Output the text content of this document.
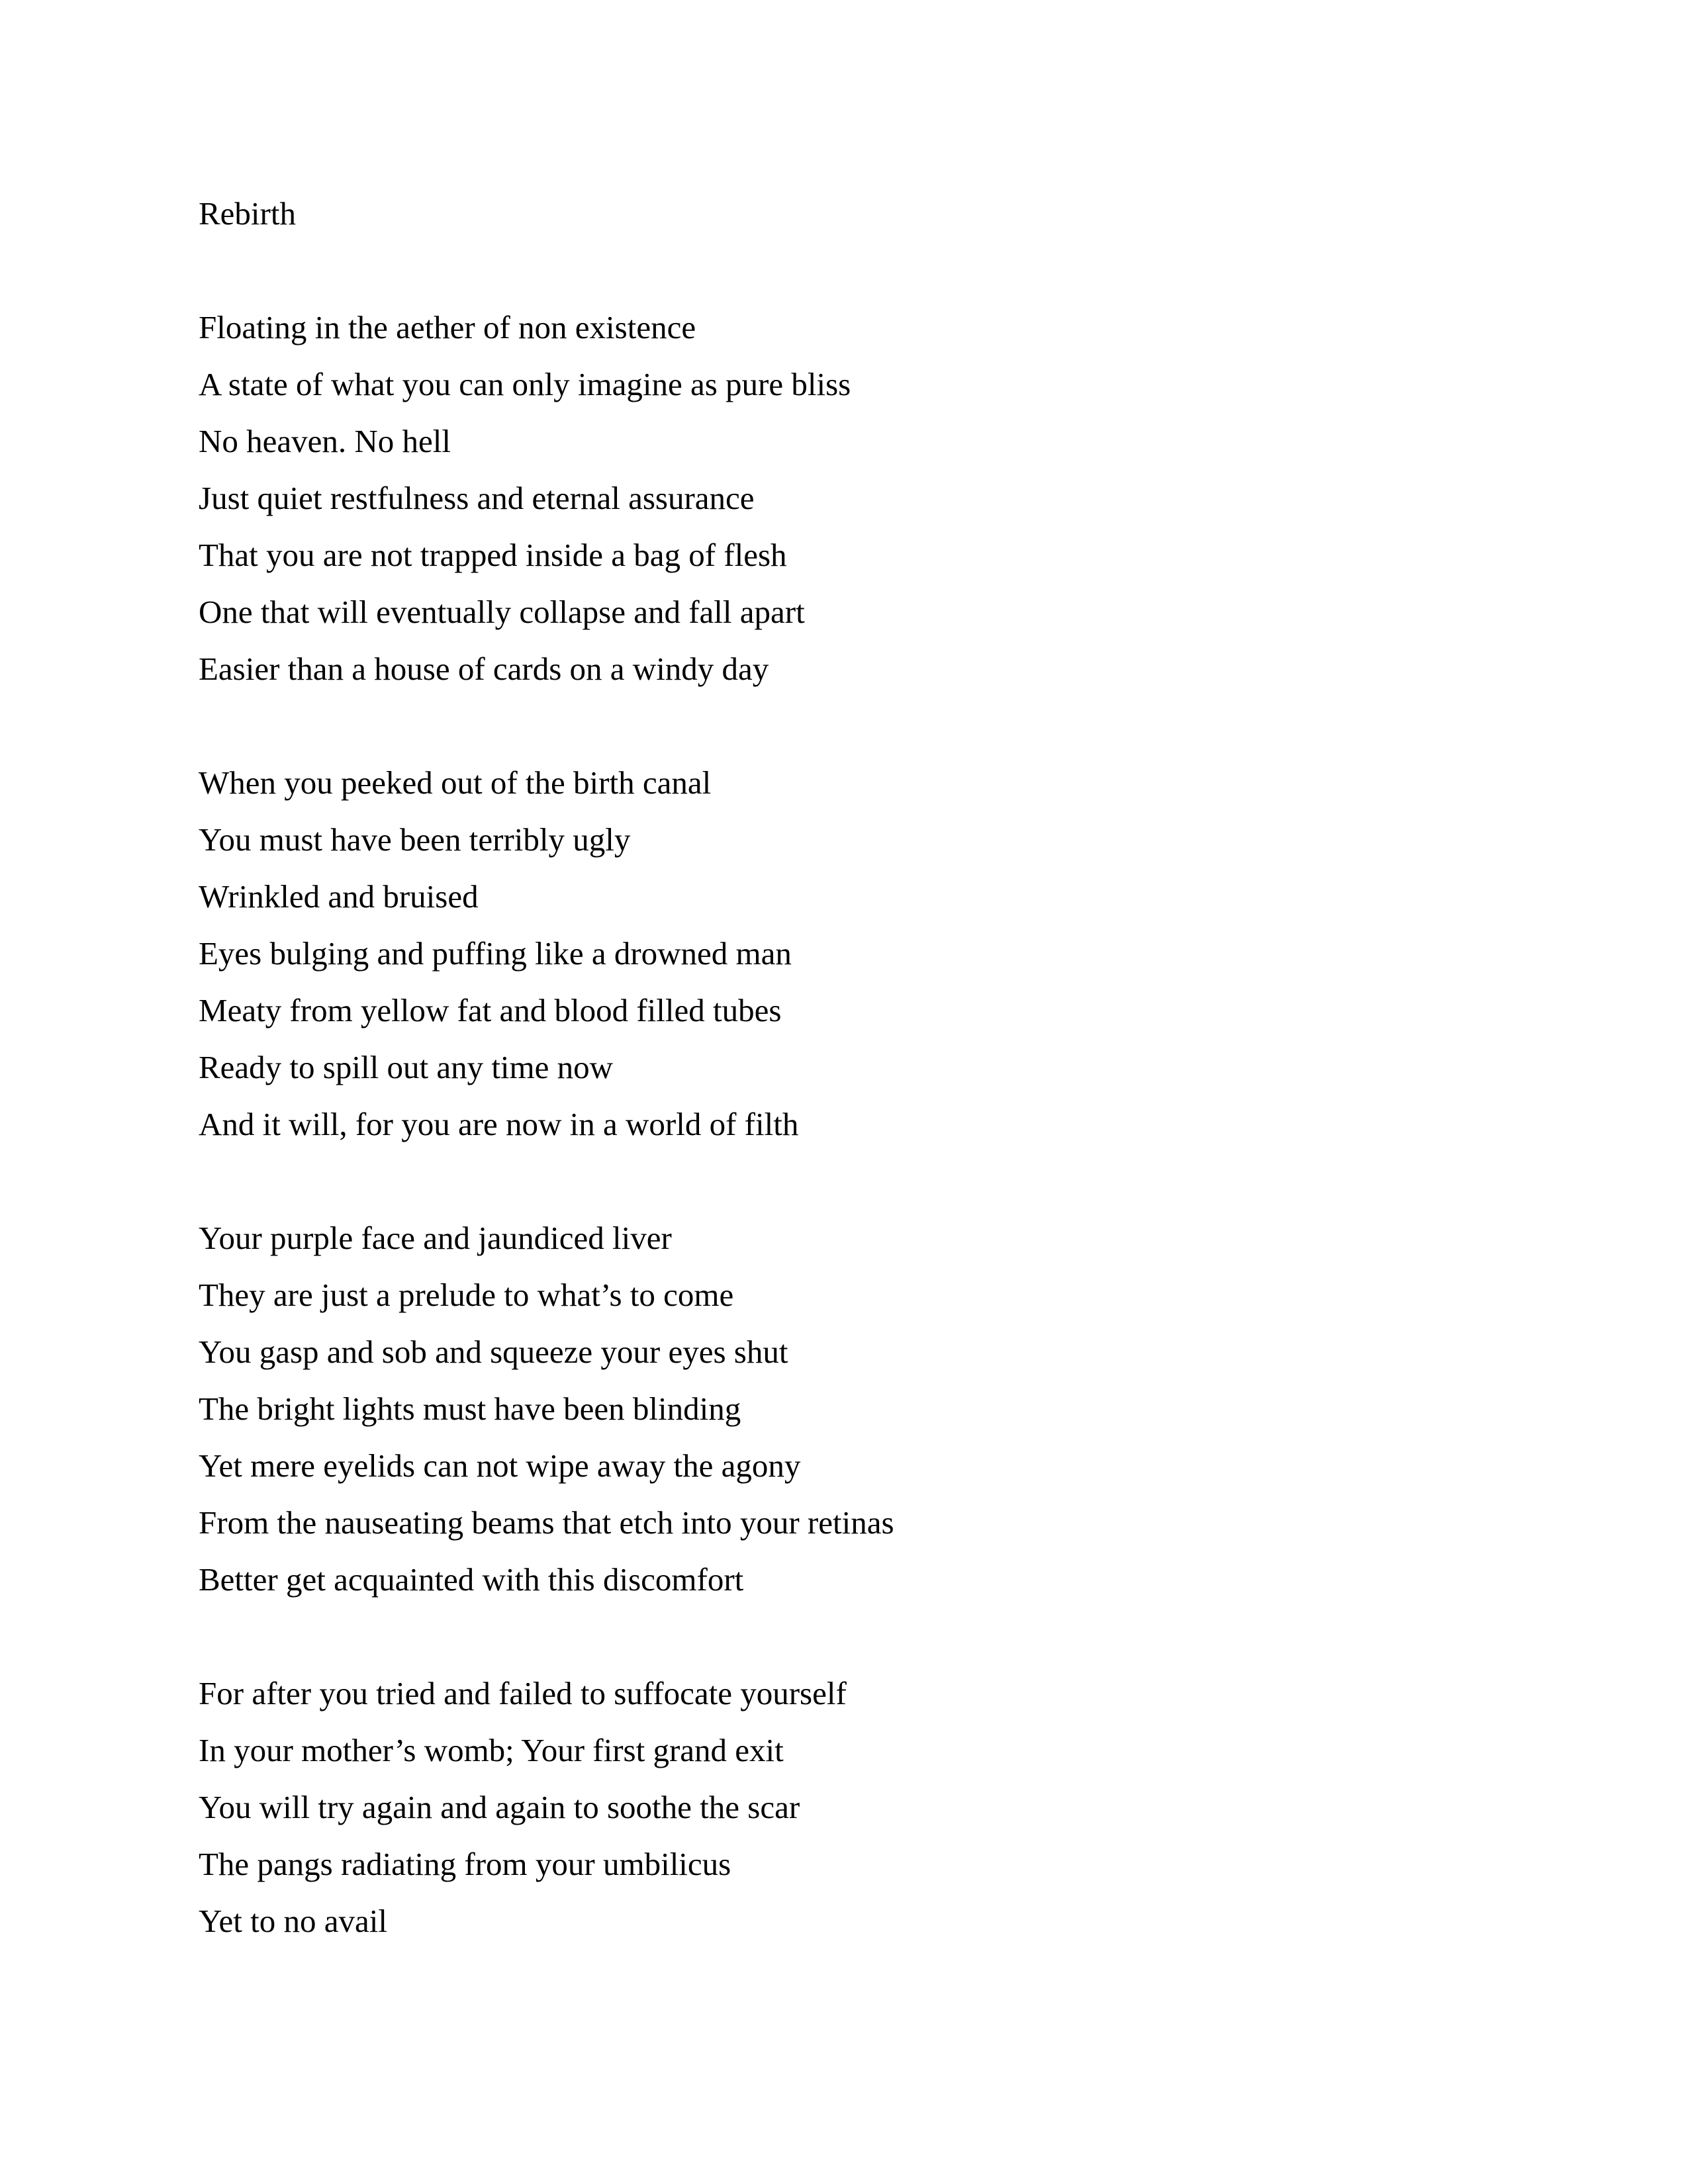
Rebirth
Floating in the aether of non existence
A state of what you can only imagine as pure bliss
No heaven. No hell
Just quiet restfulness and eternal assurance
That you are not trapped inside a bag of flesh
One that will eventually collapse and fall apart
Easier than a house of cards on a windy day
When you peeked out of the birth canal
You must have been terribly ugly
Wrinkled and bruised
Eyes bulging and puffing like a drowned man
Meaty from yellow fat and blood filled tubes
Ready to spill out any time now
And it will, for you are now in a world of filth
Your purple face and jaundiced liver
They are just a prelude to what’s to come
You gasp and sob and squeeze your eyes shut
The bright lights must have been blinding
Yet mere eyelids can not wipe away the agony
From the nauseating beams that etch into your retinas
Better get acquainted with this discomfort
For after you tried and failed to suffocate yourself
In your mother’s womb; Your first grand exit
You will try again and again to soothe the scar
The pangs radiating from your umbilicus
Yet to no avail
